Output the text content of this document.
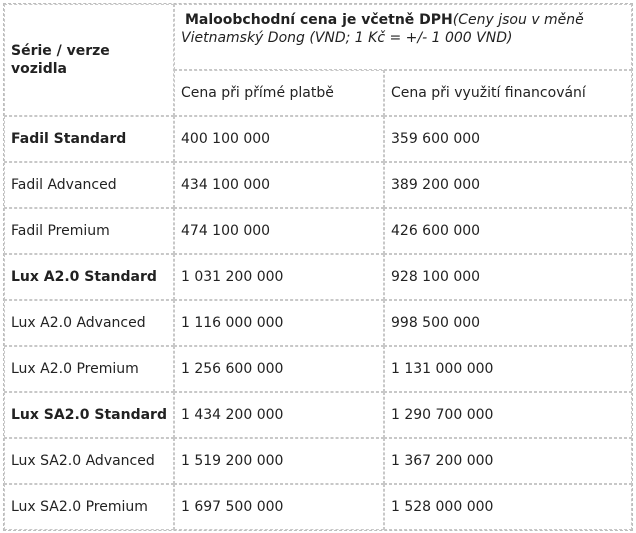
Série / verze vozidla	Maloobchodní cena je včetně DPH(Ceny jsou v měně Vietnamský Dong (VND; 1 Kč = +/- 1 000 VND)	
	Cena při přímé platbě	Cena při využití financování
Fadil Standard	400 100 000	359 600 000
Fadil Advanced	434 100 000	389 200 000
Fadil Premium	474 100 000	426 600 000
Lux A2.0 Standard	1 031 200 000	928 100 000
Lux A2.0 Advanced	1 116 000 000	998 500 000
Lux A2.0 Premium	1 256 600 000	1 131 000 000
Lux SA2.0 Standard	1 434 200 000	1 290 700 000
Lux SA2.0 Advanced	1 519 200 000	1 367 200 000
Lux SA2.0 Premium	1 697 500 000	1 528 000 000
